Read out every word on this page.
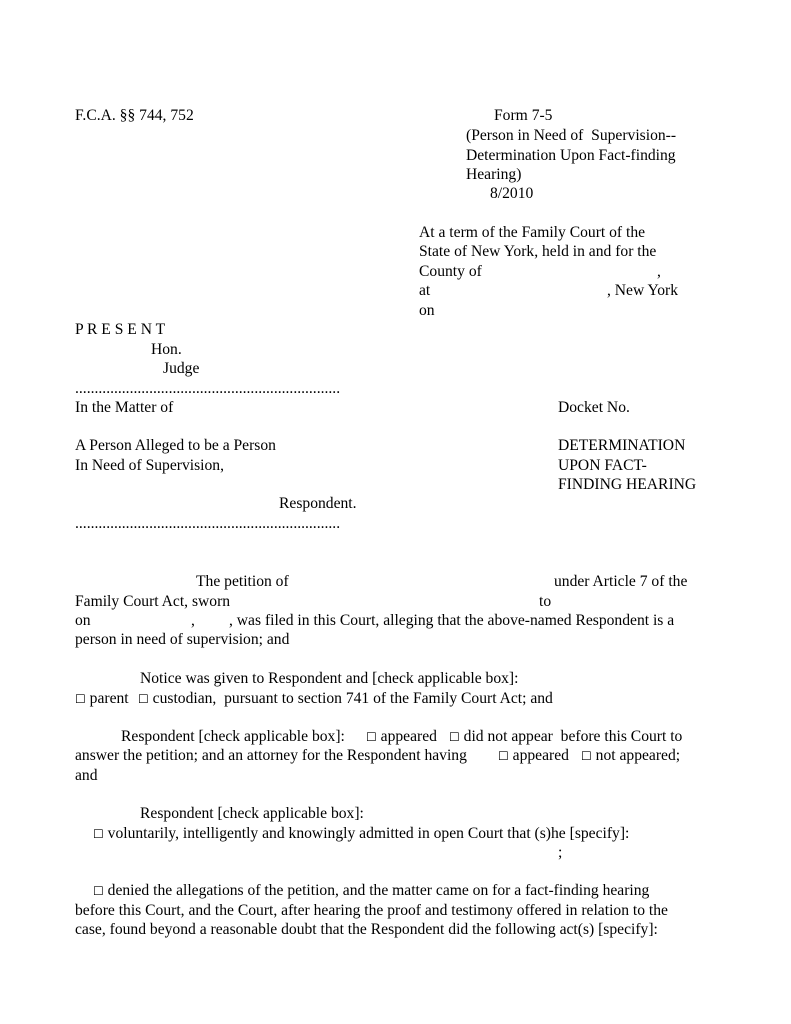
F.C.A. §§ 744, 752	Form 7-5
(Person in Need of  Supervision--
Determination Upon Fact-finding
Hearing)
8/2010
At a term of the Family Court of the
State of New York, held in and for the
County of	,
at	, New York
on
P R E S E N T
Hon.
Judge
....................................................................
In the Matter of	Docket No.
A Person Alleged to be a Person	DETERMINATION
In Need of Supervision,	UPON FACT-
FINDING HEARING
Respondent.
....................................................................
The petition of	under Article 7 of the
Family Court Act, sworn	to
on	, , was filed in this Court, alleging that the above-named Respondent is a
person in need of supervision; and
Notice was given to Respondent and [check applicable box]:
☐ parent ☐ custodian,  pursuant to section 741 of the Family Court Act; and
Respondent [check applicable box]: ☐ appeared ☐ did not appear  before this Court to
answer the petition; and an attorney for the Respondent having	☐ appeared ☐ not appeared;
and
Respondent [check applicable box]:
☐ voluntarily, intelligently and knowingly admitted in open Court that (s)he [specify]:
;
☐ denied the allegations of the petition, and the matter came on for a fact-finding hearing
before this Court, and the Court, after hearing the proof and testimony offered in relation to the
case, found beyond a reasonable doubt that the Respondent did the following act(s) [specify]:
